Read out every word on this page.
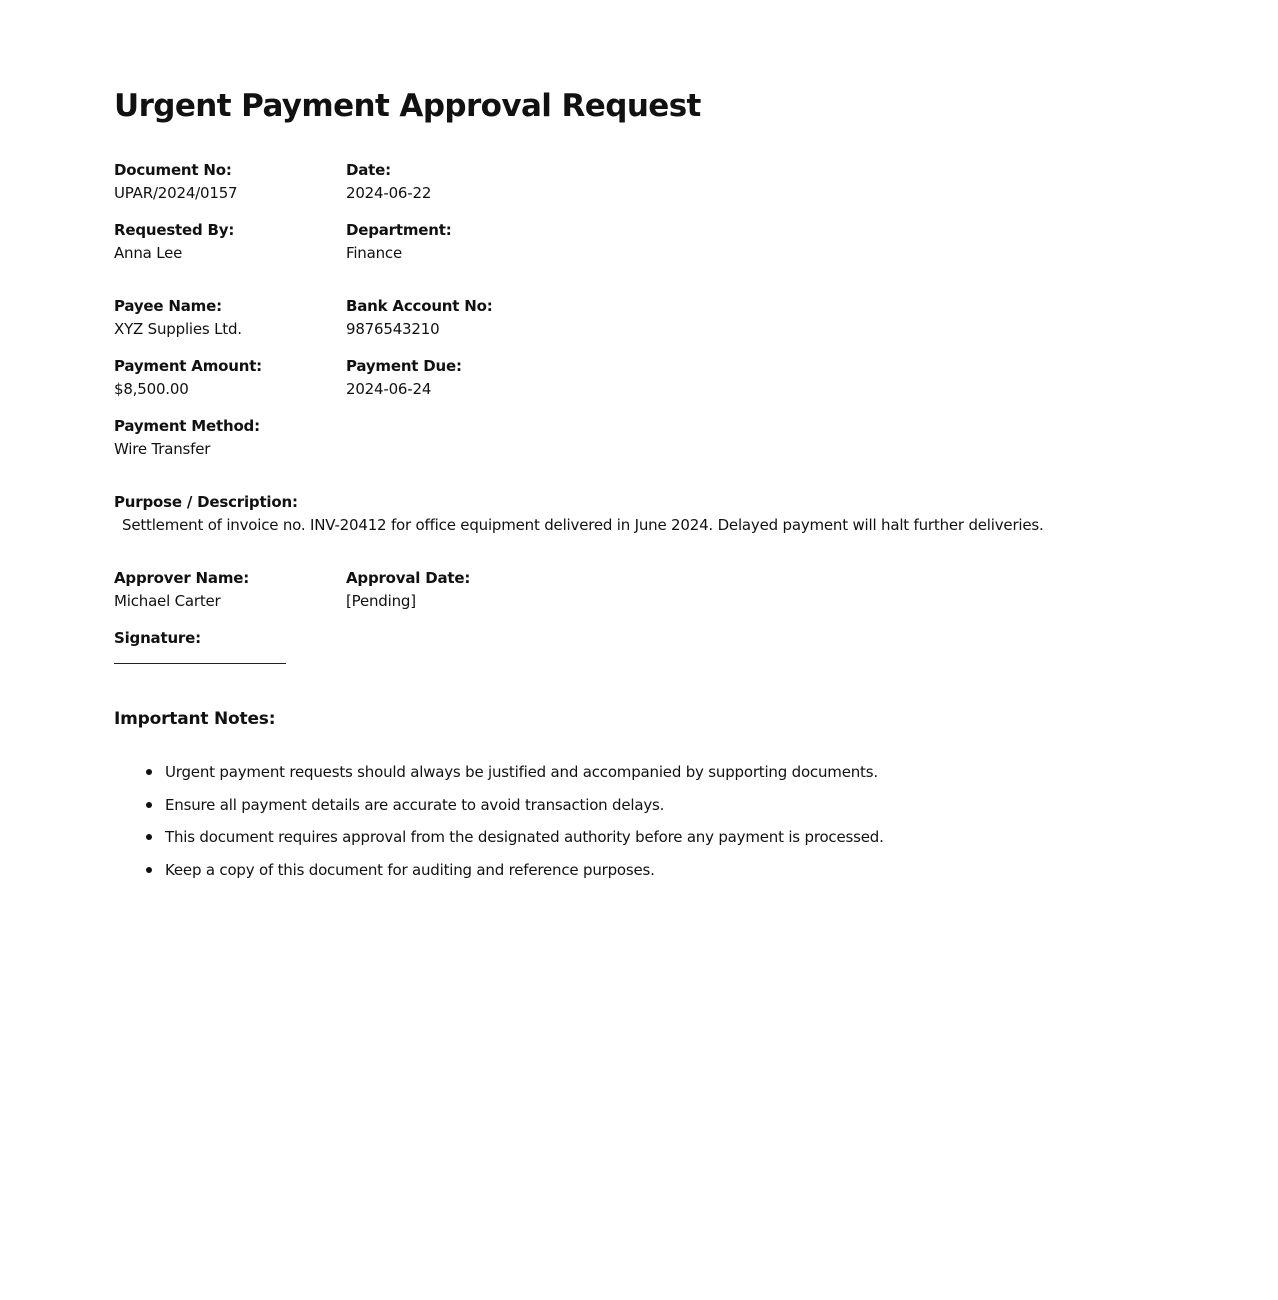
Urgent Payment Approval Request
Document No:
UPAR/2024/0157
Date:
2024-06-22
Requested By:
Anna Lee
Department:
Finance
Payee Name:
XYZ Supplies Ltd.
Bank Account No:
9876543210
Payment Amount:
$8,500.00
Payment Due:
2024-06-24
Payment Method:
Wire Transfer
Purpose / Description:
Settlement of invoice no. INV-20412 for office equipment delivered in June 2024. Delayed payment will halt further deliveries.
Approver Name:
Michael Carter
Approval Date:
[Pending]
Signature:
Important Notes:
Urgent payment requests should always be justified and accompanied by supporting documents.
Ensure all payment details are accurate to avoid transaction delays.
This document requires approval from the designated authority before any payment is processed.
Keep a copy of this document for auditing and reference purposes.
